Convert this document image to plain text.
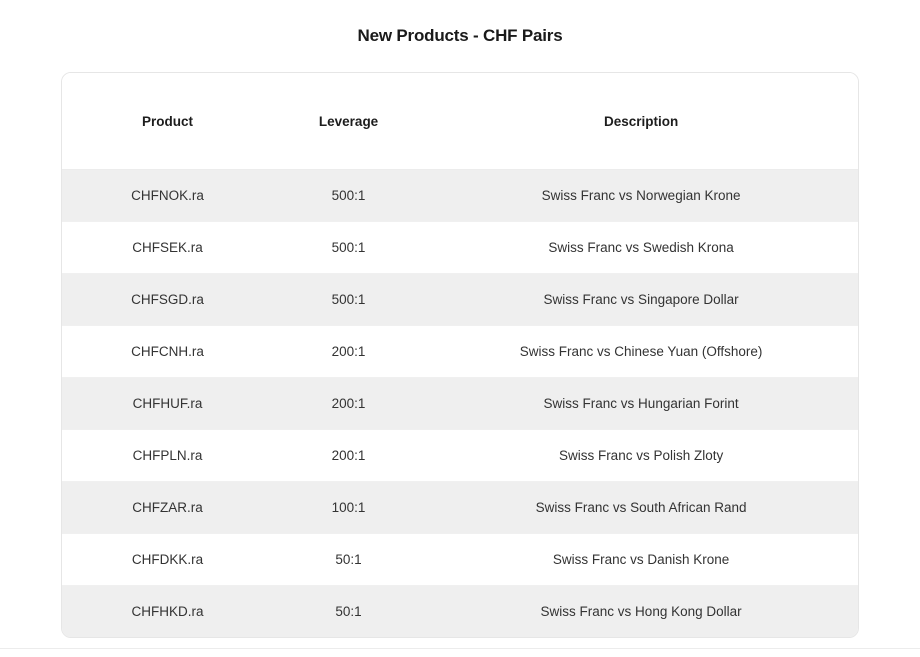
New Products - CHF Pairs
Product	Leverage	Description
CHFNOK.ra	500:1	Swiss Franc vs Norwegian Krone
CHFSEK.ra	500:1	Swiss Franc vs Swedish Krona
CHFSGD.ra	500:1	Swiss Franc vs Singapore Dollar
CHFCNH.ra	200:1	Swiss Franc vs Chinese Yuan (Offshore)
CHFHUF.ra	200:1	Swiss Franc vs Hungarian Forint
CHFPLN.ra	200:1	Swiss Franc vs Polish Zloty
CHFZAR.ra	100:1	Swiss Franc vs South African Rand
CHFDKK.ra	50:1	Swiss Franc vs Danish Krone
CHFHKD.ra	50:1	Swiss Franc vs Hong Kong Dollar
